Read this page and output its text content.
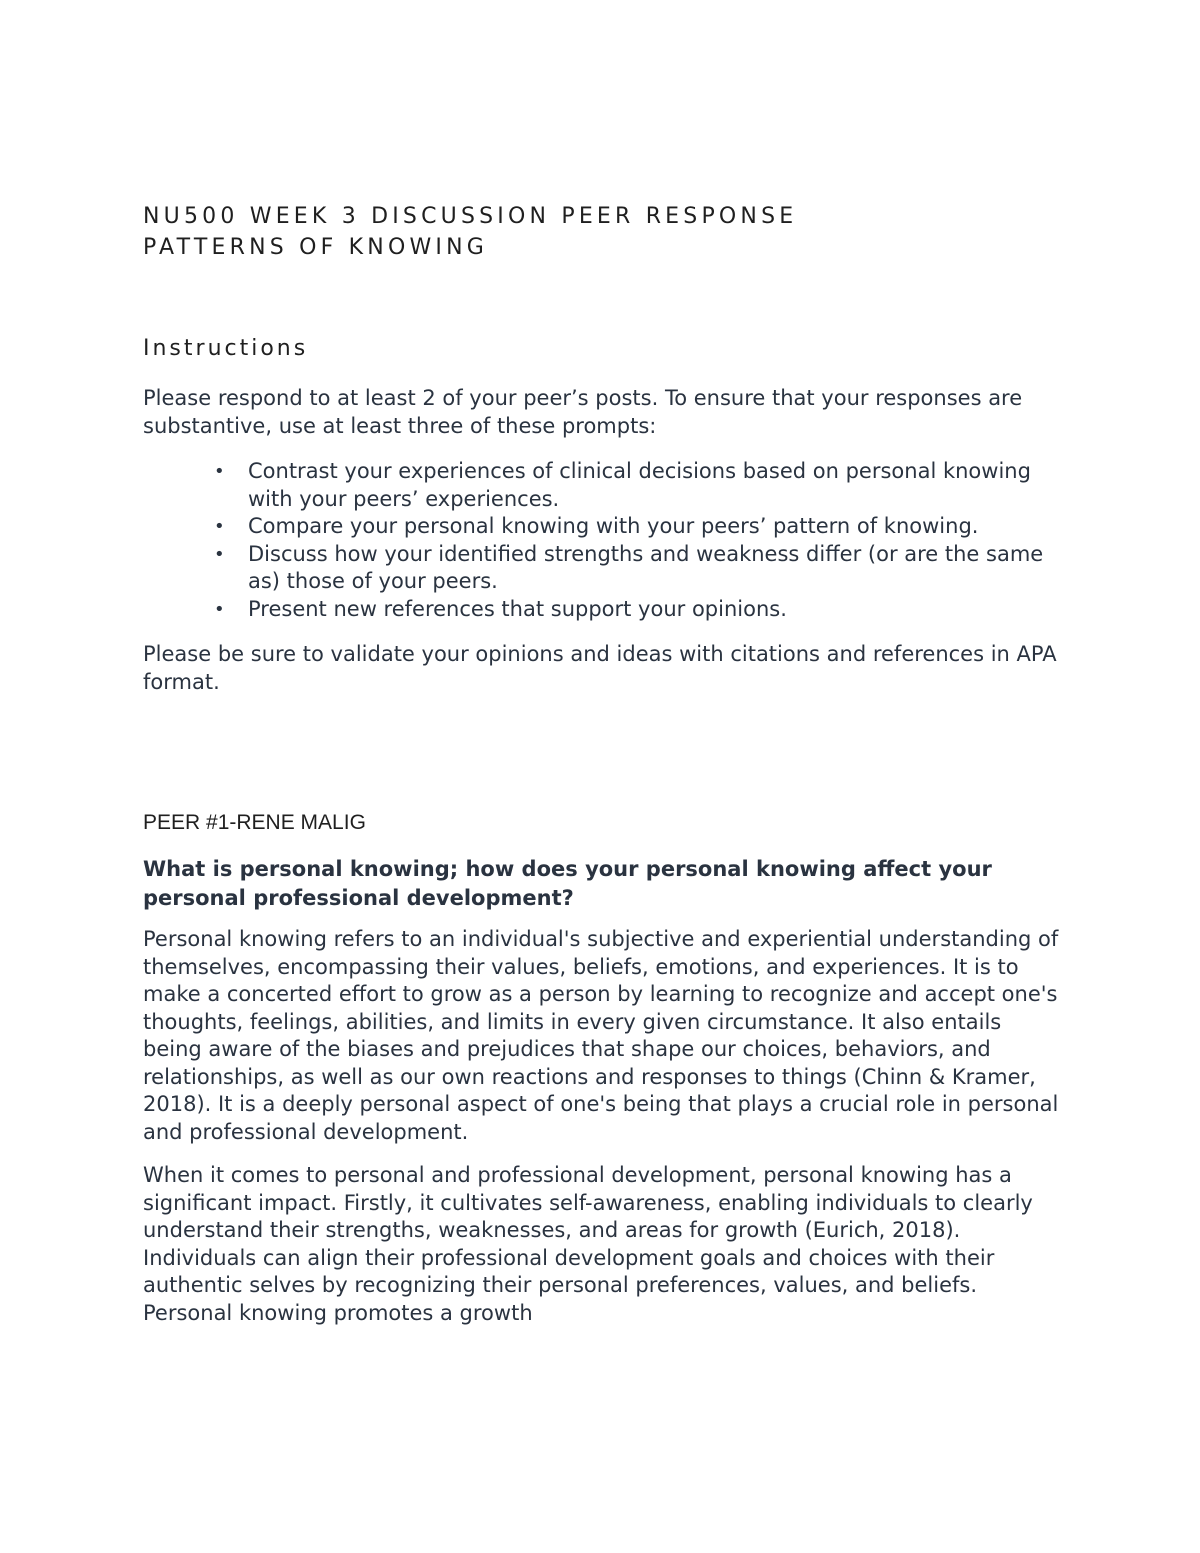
NU500 WEEK 3 DISCUSSION PEER RESPONSE
PATTERNS OF KNOWING
Instructions

Please respond to at least 2 of your peer’s posts. To ensure that your responses are substantive, use at least three of these prompts:

• Contrast your experiences of clinical decisions based on personal knowing with your peers’ experiences.
• Compare your personal knowing with your peers’ pattern of knowing.
• Discuss how your identified strengths and weakness differ (or are the same as) those of your peers.
• Present new references that support your opinions.

Please be sure to validate your opinions and ideas with citations and references in APA format.

PEER #1-RENE MALIG

What is personal knowing; how does your personal knowing affect your personal professional development?

Personal knowing refers to an individual's subjective and experiential understanding of themselves, encompassing their values, beliefs, emotions, and experiences. It is to make a concerted effort to grow as a person by learning to recognize and accept one's thoughts, feelings, abilities, and limits in every given circumstance. It also entails being aware of the biases and prejudices that shape our choices, behaviors, and relationships, as well as our own reactions and responses to things (Chinn & Kramer, 2018). It is a deeply personal aspect of one's being that plays a crucial role in personal and professional development.

When it comes to personal and professional development, personal knowing has a significant impact. Firstly, it cultivates self-awareness, enabling individuals to clearly understand their strengths, weaknesses, and areas for growth (Eurich, 2018). Individuals can align their professional development goals and choices with their authentic selves by recognizing their personal preferences, values, and beliefs. Personal knowing promotes a growth
